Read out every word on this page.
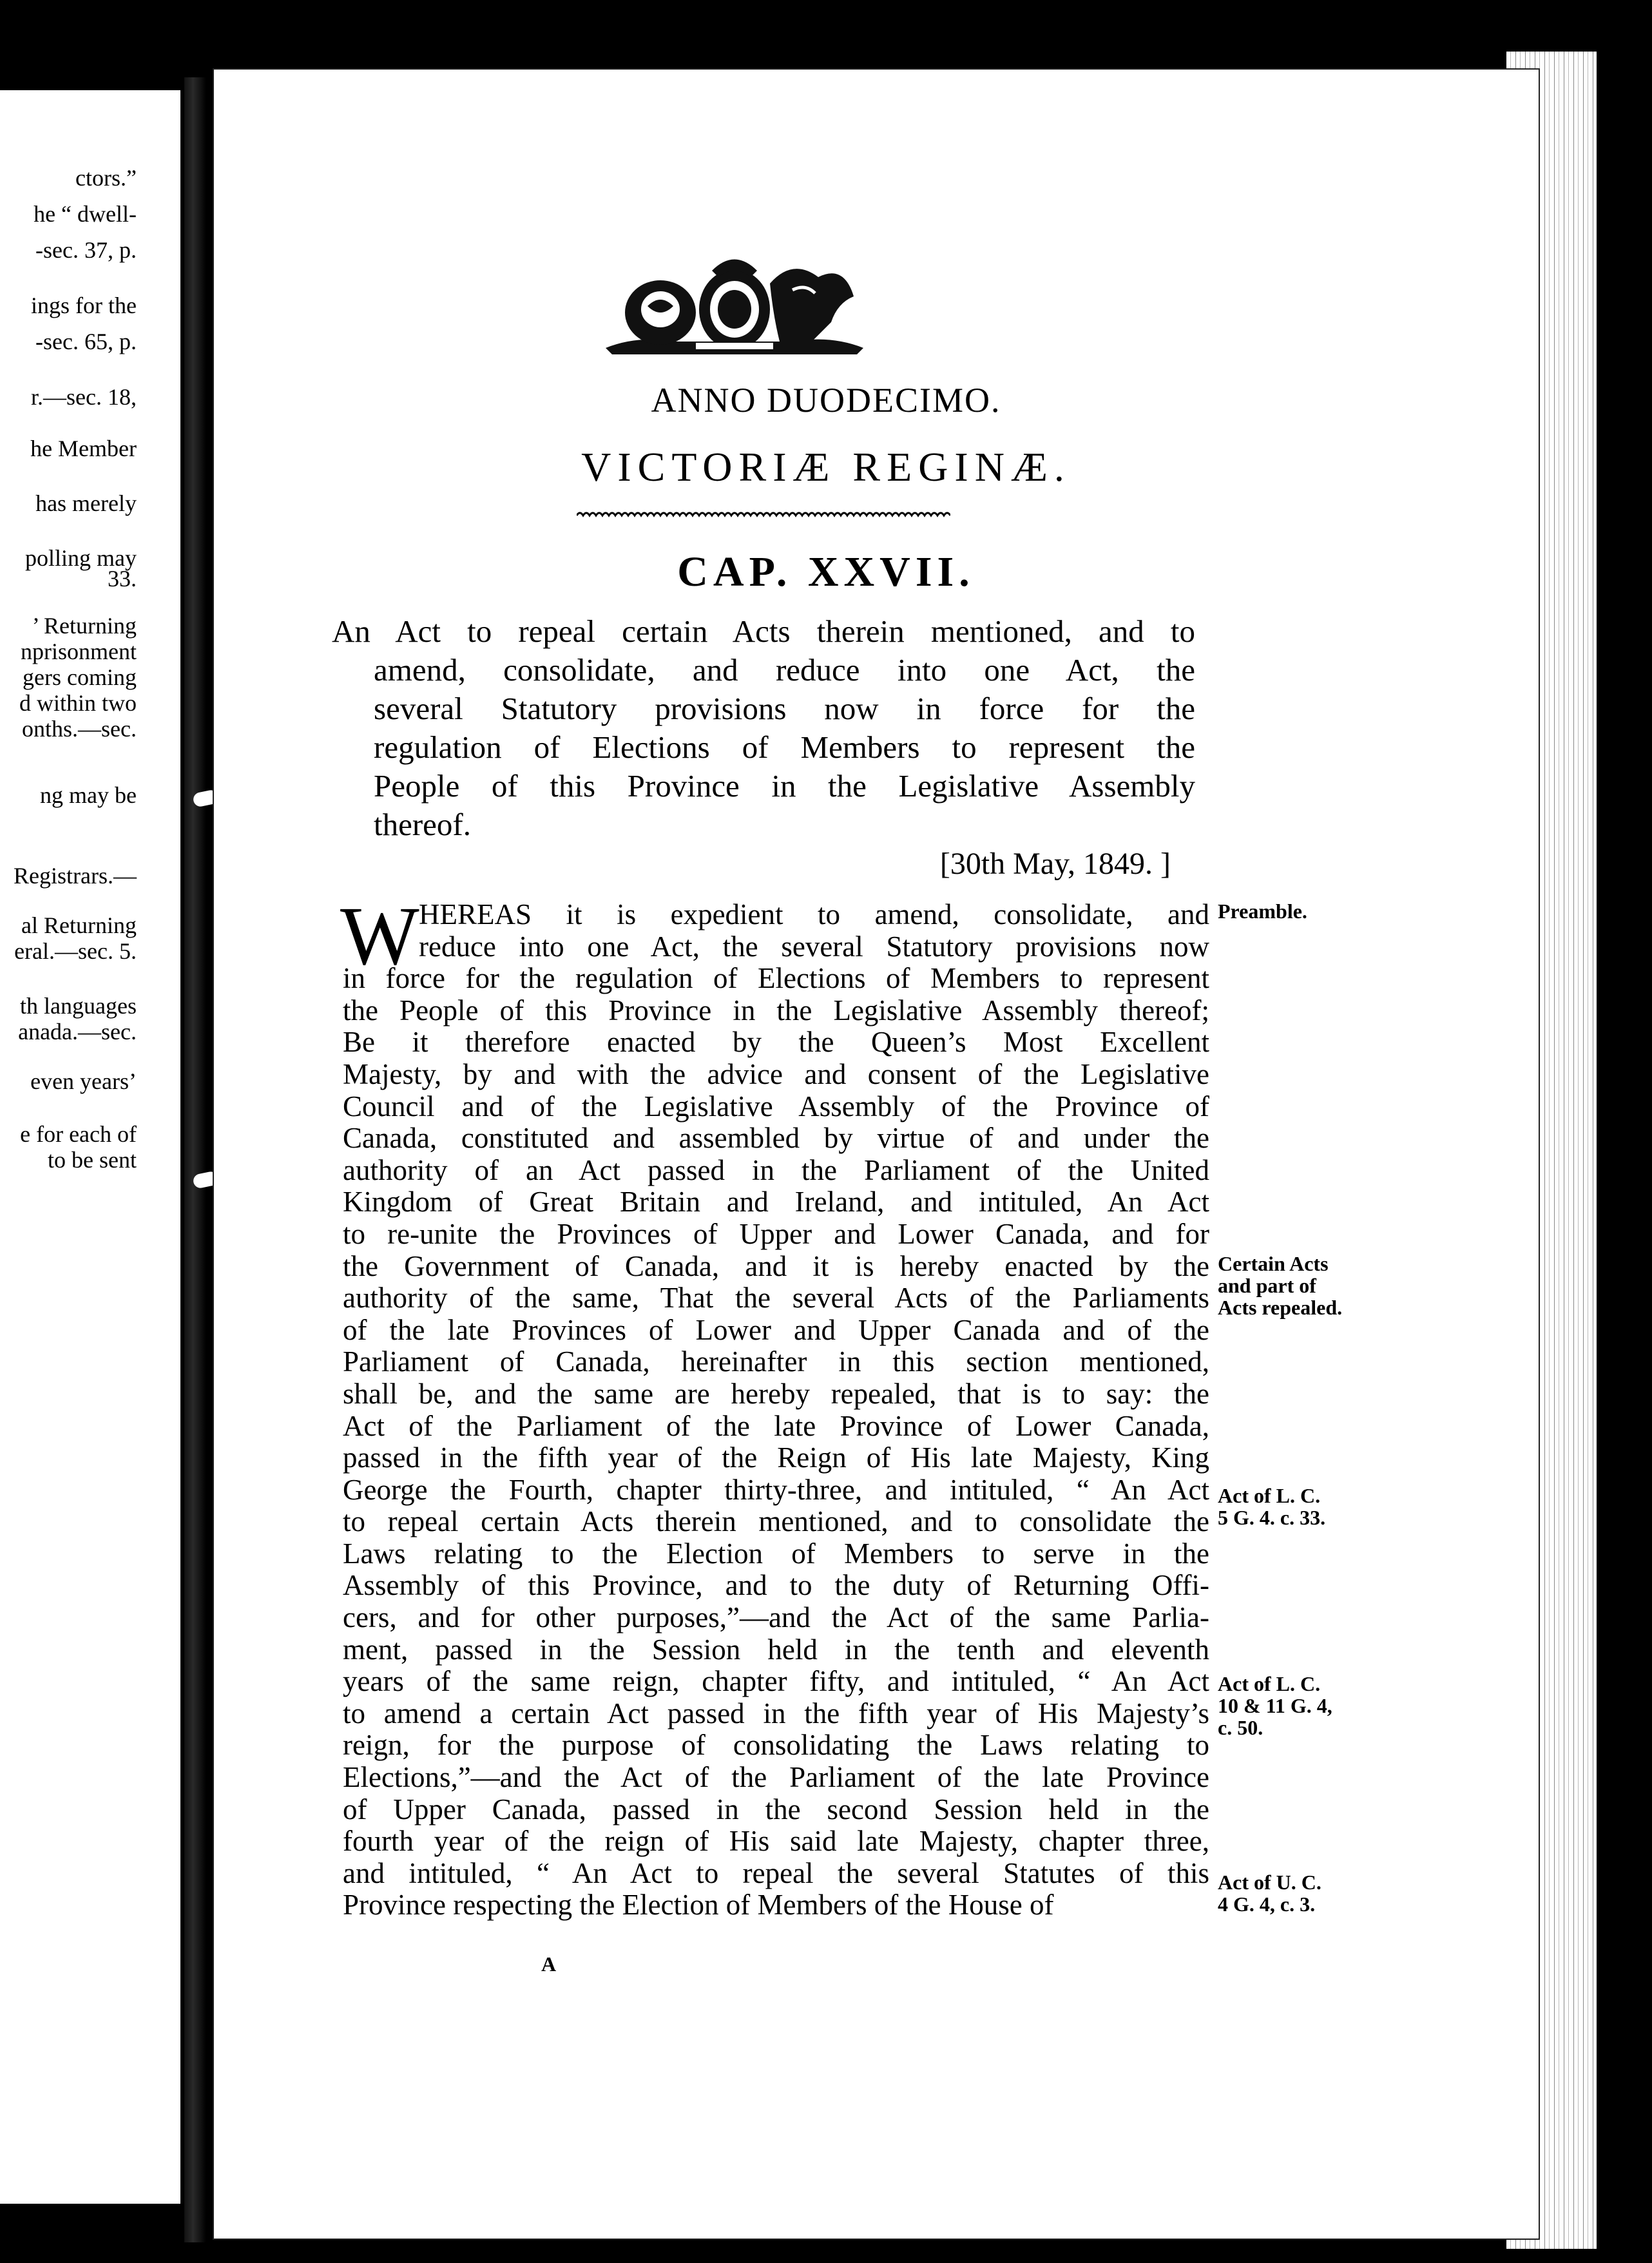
ctors.”
he “ dwell-
-sec. 37, p.
ings for the
-sec. 65, p.
r.—sec. 18,
he Member
has merely
polling may
33.
’ Returning
nprisonment
gers coming
d within two
onths.—sec.
ng may be
Registrars.—
al Returning
eral.—sec. 5.
th languages
anada.—sec.
even years’
e for each of
to be sent
ANNO DUODECIMO.
VICTORIÆ REGINÆ.
CAP. XXVII.
An Act to repeal certain Acts therein mentioned, and to
amend, consolidate, and reduce into one Act, the
several Statutory provisions now in force for the
regulation of Elections of Members to represent the
People of this Province in the Legislative Assembly
thereof.
[30th May, 1849. ]
W HEREAS it is expedient to amend, consolidate, and
reduce into one Act, the several Statutory provisions now
in force for the regulation of Elections of Members to represent
the People of this Province in the Legislative Assembly thereof;
Be it therefore enacted by the Queen’s Most Excellent
Majesty, by and with the advice and consent of the Legislative
Council and of the Legislative Assembly of the Province of
Canada, constituted and assembled by virtue of and under the
authority of an Act passed in the Parliament of the United
Kingdom of Great Britain and Ireland, and intituled, An Act
to re-unite the Provinces of Upper and Lower Canada, and for
the Government of Canada, and it is hereby enacted by the
authority of the same, That the several Acts of the Parliaments
of the late Provinces of Lower and Upper Canada and of the
Parliament of Canada, hereinafter in this section mentioned,
shall be, and the same are hereby repealed, that is to say: the
Act of the Parliament of the late Province of Lower Canada,
passed in the fifth year of the Reign of His late Majesty, King
George the Fourth, chapter thirty-three, and intituled, “ An Act
to repeal certain Acts therein mentioned, and to consolidate the
Laws relating to the Election of Members to serve in the
Assembly of this Province, and to the duty of Returning Offi-
cers, and for other purposes,”—and the Act of the same Parlia-
ment, passed in the Session held in the tenth and eleventh
years of the same reign, chapter fifty, and intituled, “ An Act
to amend a certain Act passed in the fifth year of His Majesty’s
reign, for the purpose of consolidating the Laws relating to
Elections,”—and the Act of the Parliament of the late Province
of Upper Canada, passed in the second Session held in the
fourth year of the reign of His said late Majesty, chapter three,
and intituled, “ An Act to repeal the several Statutes of this
Province respecting the Election of Members of the House of
Preamble.
Certain Acts
and part of
Acts repealed.
Act of L. C.
5 G. 4. c. 33.
Act of L. C.
10 & 11 G. 4,
c. 50.
Act of U. C.
4 G. 4, c. 3.
A
